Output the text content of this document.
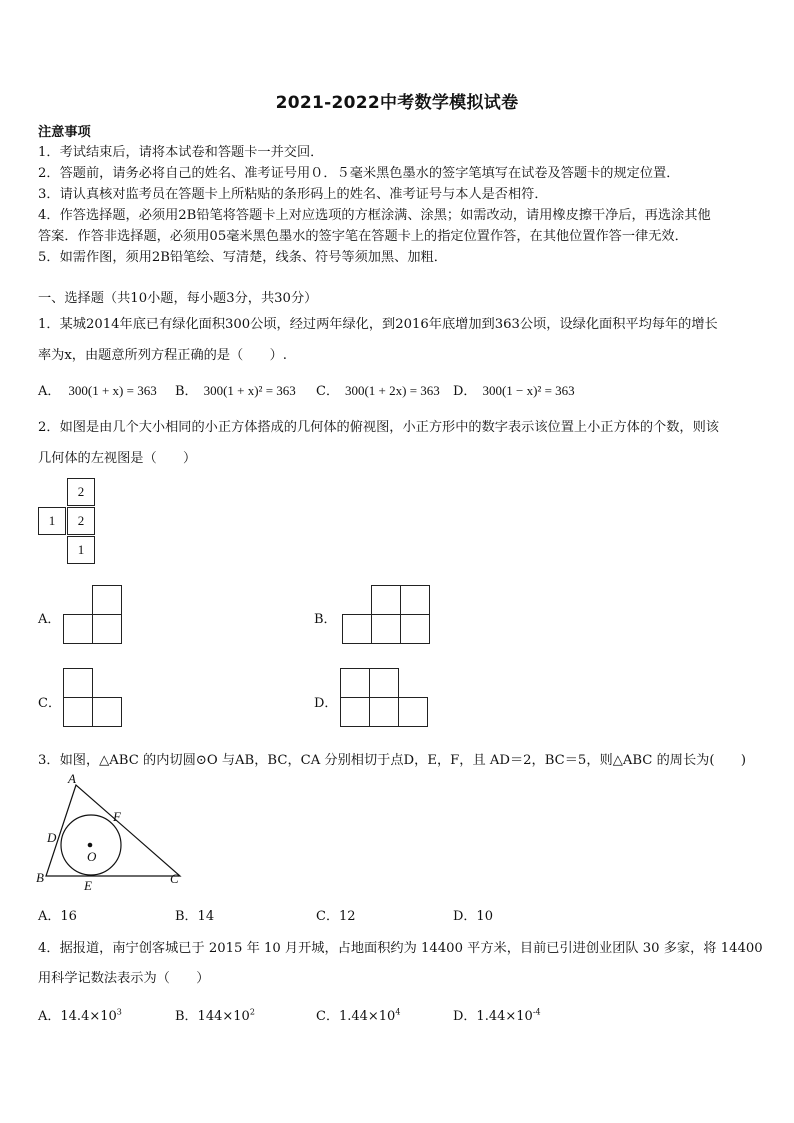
2021-2022中考数学模拟试卷
注意事项
1．考试结束后，请将本试卷和答题卡一并交回．
2．答题前，请务必将自己的姓名、准考证号用０．５毫米黑色墨水的签字笔填写在试卷及答题卡的规定位置．
3．请认真核对监考员在答题卡上所粘贴的条形码上的姓名、准考证号与本人是否相符．
4．作答选择题，必须用2B铅笔将答题卡上对应选项的方框涂满、涂黑；如需改动，请用橡皮擦干净后，再选涂其他
答案．作答非选择题，必须用05毫米黑色墨水的签字笔在答题卡上的指定位置作答，在其他位置作答一律无效．
5．如需作图，须用2B铅笔绘、写清楚，线条、符号等须加黑、加粗．
一、选择题（共10小题，每小题3分，共30分）
1．某城2014年底已有绿化面积300公顷，经过两年绿化，到2016年底增加到363公顷，设绿化面积平均每年的增长
率为x，由题意所列方程正确的是（　　）.
A． 300(1 + x) = 363 B． 300(1 + x)² = 363 C． 300(1 + 2x) = 363 D． 300(1 − x)² = 363
2．如图是由几个大小相同的小正方体搭成的几何体的俯视图，小正方形中的数字表示该位置上小正方体的个数，则该
几何体的左视图是（　　）
2
1	2
1
A．	B．
C．	D．
3．如图，△ABC 的内切圆⊙O 与AB，BC，CA 分别相切于点D，E，F，且 AD＝2，BC＝5，则△ABC 的周长为(　　)
A
B	C
D
E
F
O
A．16	B．14	C．12	D．10
4．据报道，南宁创客城已于 2015 年 10 月开城，占地面积约为 14400 平方米，目前已引进创业团队 30 多家，将 14400
用科学记数法表示为（　　）
A．$14.4\times 10^3$	B．$144\times 10^2$	C．$1.44\times 10^4$	D．$1.44\times 10^{-4}$
